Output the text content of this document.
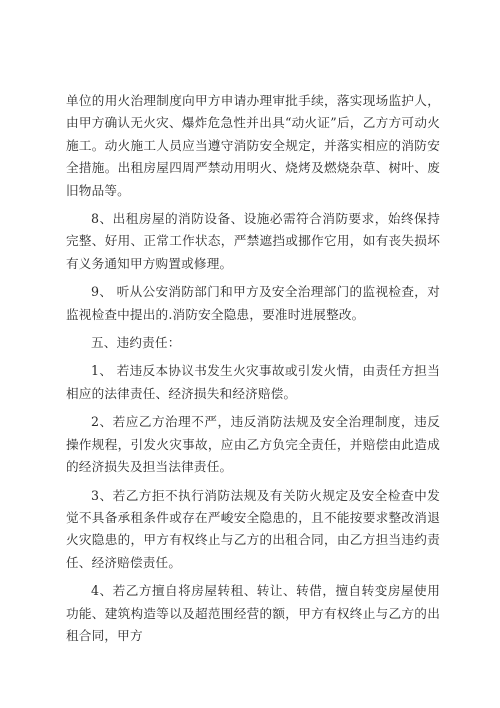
单位的用火治理制度向甲方申请办理审批手续，落实现场监护人，由甲方确认无火灾、爆炸危急性并出具“动火证”后，乙方方可动火施工。动火施工人员应当遵守消防安全规定，并落实相应的消防安全措施。出租房屋四周严禁动用明火、烧烤及燃烧杂草、树叶、废旧物品等。

8、出租房屋的消防设备、设施必需符合消防要求，始终保持完整、好用、正常工作状态，严禁遮挡或挪作它用，如有丧失损坏有义务通知甲方购置或修理。

9、 听从公安消防部门和甲方及安全治理部门的监视检查，对监视检查中提出的.消防安全隐患，要准时进展整改。

五、违约责任：

1、 若违反本协议书发生火灾事故或引发火情，由责任方担当相应的法律责任、经济损失和经济赔偿。

2、若应乙方治理不严，违反消防法规及安全治理制度，违反操作规程，引发火灾事故，应由乙方负完全责任，并赔偿由此造成的经济损失及担当法律责任。

3、若乙方拒不执行消防法规及有关防火规定及安全检查中发觉不具备承租条件或存在严峻安全隐患的，且不能按要求整改消退火灾隐患的，甲方有权终止与乙方的出租合同，由乙方担当违约责任、经济赔偿责任。

4、若乙方擅自将房屋转租、转让、转借，擅自转变房屋使用功能、建筑构造等以及超范围经营的额，甲方有权终止与乙方的出租合同，甲方
